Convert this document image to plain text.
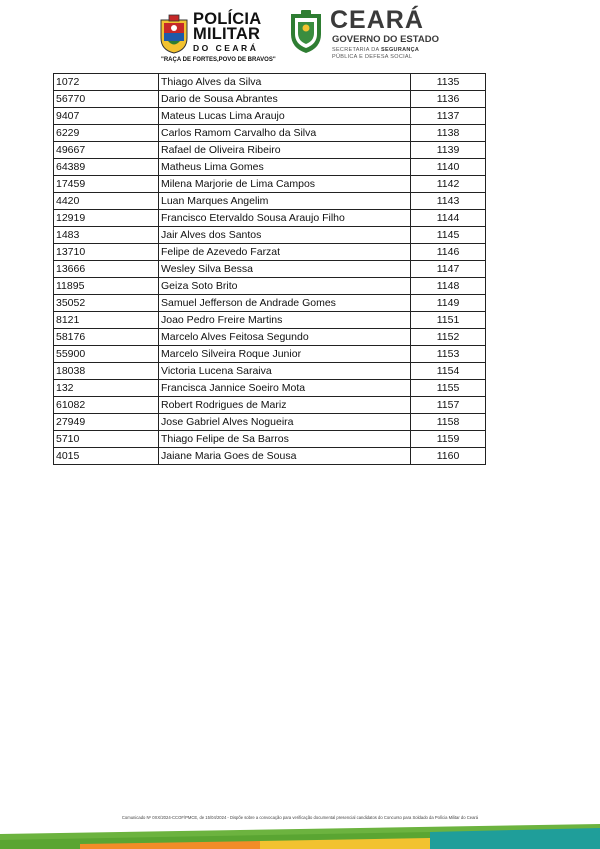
POLÍCIA
MILITAR
DO CEARÁ
"RAÇA DE FORTES,POVO DE BRAVOS"
CEARÁ
GOVERNO DO ESTADO
SECRETARIA DA SEGURANÇA
PÚBLICA E DEFESA SOCIAL
1072	Thiago Alves da Silva	1135
56770	Dario de Sousa Abrantes	1136
9407	Mateus Lucas Lima Araujo	1137
6229	Carlos Ramom Carvalho da Silva	1138
49667	Rafael de Oliveira Ribeiro	1139
64389	Matheus Lima Gomes	1140
17459	Milena Marjorie de Lima Campos	1142
4420	Luan Marques Angelim	1143
12919	Francisco Etervaldo Sousa Araujo Filho	1144
1483	Jair Alves dos Santos	1145
13710	Felipe de Azevedo Farzat	1146
13666	Wesley Silva Bessa	1147
11895	Geiza Soto Brito	1148
35052	Samuel Jefferson de Andrade Gomes	1149
8121	Joao Pedro Freire Martins	1151
58176	Marcelo Alves Feitosa Segundo	1152
55900	Marcelo Silveira Roque Junior	1153
18038	Victoria Lucena Saraiva	1154
132	Francisca Jannice Soeiro Mota	1155
61082	Robert Rodrigues de Mariz	1157
27949	Jose Gabriel Alves Nogueira	1158
5710	Thiago Felipe de Sa Barros	1159
4015	Jaiane Maria Goes de Sousa	1160
Comunicado Nº 0XX/2024-CCOF/PMCE, de 15/04/2024 - Dispõe sobre a convocação para verificação documental presencial candidatos do Concurso para Soldado da Polícia Militar do Ceará
